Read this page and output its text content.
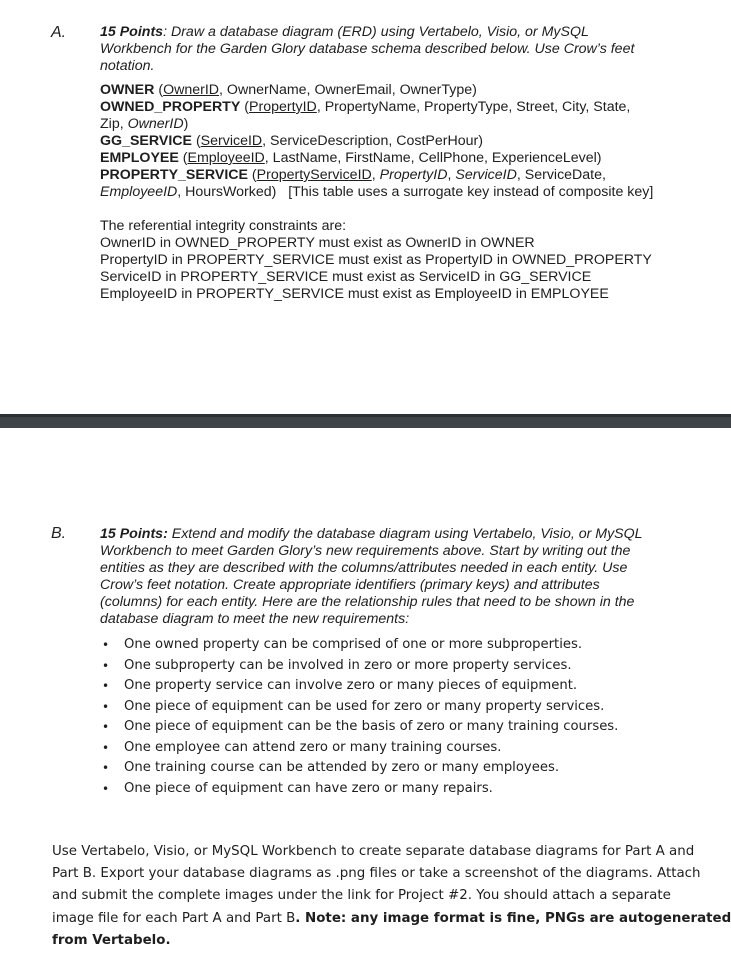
A. 15 Points: Draw a database diagram (ERD) using Vertabelo, Visio, or MySQL
Workbench for the Garden Glory database schema described below. Use Crow’s feet
notation.
OWNER (OwnerID, OwnerName, OwnerEmail, OwnerType)
OWNED_PROPERTY (PropertyID, PropertyName, PropertyType, Street, City, State,
Zip, OwnerID)
GG_SERVICE (ServiceID, ServiceDescription, CostPerHour)
EMPLOYEE (EmployeeID, LastName, FirstName, CellPhone, ExperienceLevel)
PROPERTY_SERVICE (PropertyServiceID, PropertyID, ServiceID, ServiceDate,
EmployeeID, HoursWorked) [This table uses a surrogate key instead of composite key]
The referential integrity constraints are:
OwnerID in OWNED_PROPERTY must exist as OwnerID in OWNER
PropertyID in PROPERTY_SERVICE must exist as PropertyID in OWNED_PROPERTY
ServiceID in PROPERTY_SERVICE must exist as ServiceID in GG_SERVICE
EmployeeID in PROPERTY_SERVICE must exist as EmployeeID in EMPLOYEE
B. 15 Points: Extend and modify the database diagram using Vertabelo, Visio, or MySQL
Workbench to meet Garden Glory’s new requirements above. Start by writing out the
entities as they are described with the columns/attributes needed in each entity. Use
Crow’s feet notation. Create appropriate identifiers (primary keys) and attributes
(columns) for each entity. Here are the relationship rules that need to be shown in the
database diagram to meet the new requirements:
• One owned property can be comprised of one or more subproperties.
• One subproperty can be involved in zero or more property services.
• One property service can involve zero or many pieces of equipment.
• One piece of equipment can be used for zero or many property services.
• One piece of equipment can be the basis of zero or many training courses.
• One employee can attend zero or many training courses.
• One training course can be attended by zero or many employees.
• One piece of equipment can have zero or many repairs.

Use Vertabelo, Visio, or MySQL Workbench to create separate database diagrams for Part A and

Part B. Export your database diagrams as .png files or take a screenshot of the diagrams. Attach

and submit the complete images under the link for Project #2. You should attach a separate

image file for each Part A and Part B. Note: any image format is fine, PNGs are autogenerated

from Vertabelo.
